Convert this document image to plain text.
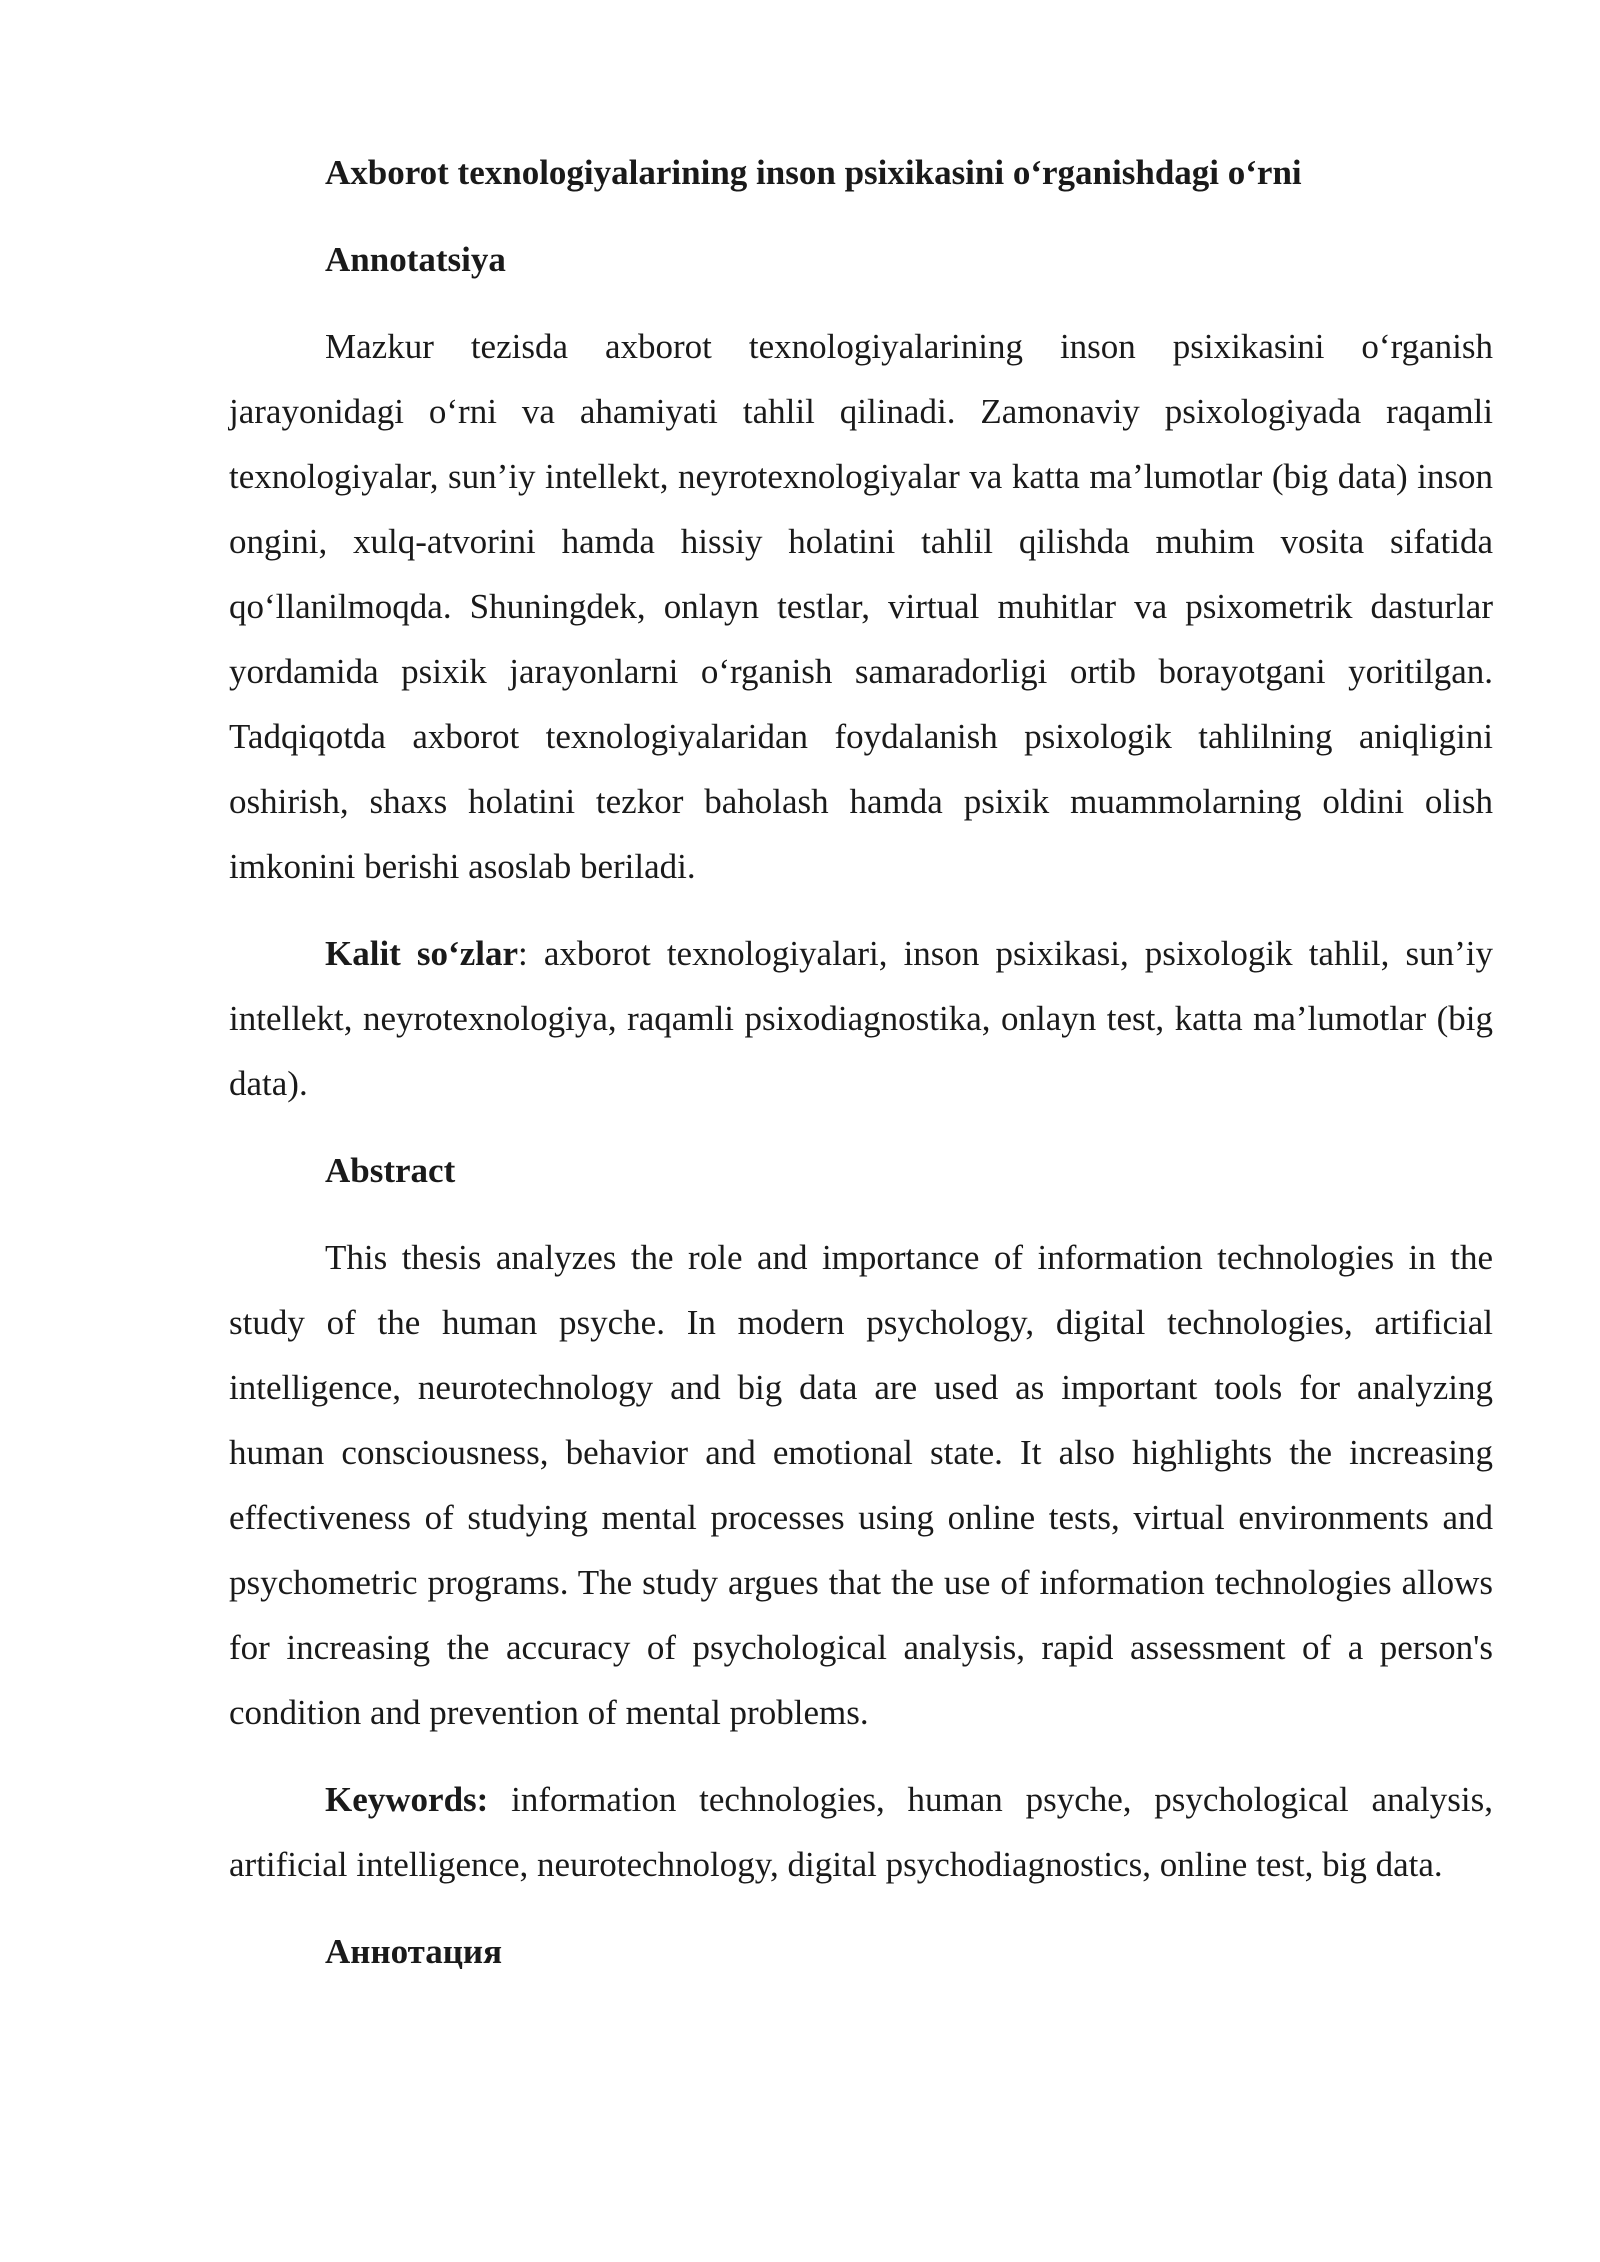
Axborot texnologiyalarining inson psixikasini o‘rganishdagi o‘rni
Annotatsiya

Mazkur tezisda axborot texnologiyalarining inson psixikasini o‘rganish jarayonidagi o‘rni va ahamiyati tahlil qilinadi. Zamonaviy psixologiyada raqamli texnologiyalar, sun’iy intellekt, neyrotexnologiyalar va katta ma’lumotlar (big data) inson ongini, xulq-atvorini hamda hissiy holatini tahlil qilishda muhim vosita sifatida qo‘llanilmoqda. Shuningdek, onlayn testlar, virtual muhitlar va psixometrik dasturlar yordamida psixik jarayonlarni o‘rganish samaradorligi ortib borayotgani yoritilgan. Tadqiqotda axborot texnologiyalaridan foydalanish psixologik tahlilning aniqligini oshirish, shaxs holatini tezkor baholash hamda psixik muammolarning oldini olish imkonini berishi asoslab beriladi.

Kalit so‘zlar: axborot texnologiyalari, inson psixikasi, psixologik tahlil, sun’iy intellekt, neyrotexnologiya, raqamli psixodiagnostika, onlayn test, katta ma’lumotlar (big data).

Abstract

This thesis analyzes the role and importance of information technologies in the study of the human psyche. In modern psychology, digital technologies, artificial intelligence, neurotechnology and big data are used as important tools for analyzing human consciousness, behavior and emotional state. It also highlights the increasing effectiveness of studying mental processes using online tests, virtual environments and psychometric programs. The study argues that the use of information technologies allows for increasing the accuracy of psychological analysis, rapid assessment of a person's condition and prevention of mental problems.

Keywords: information technologies, human psyche, psychological analysis, artificial intelligence, neurotechnology, digital psychodiagnostics, online test, big data.

Аннотация
